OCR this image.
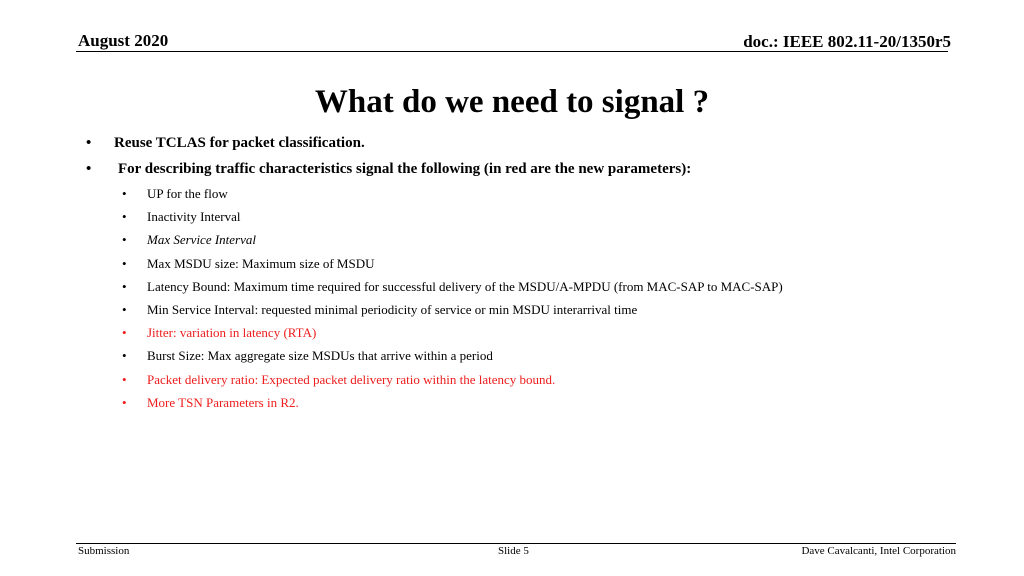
August 2020	doc.: IEEE 802.11-20/1350r5
What do we need to signal ?
• Reuse TCLAS for packet classification.
• For describing traffic characteristics signal the following (in red are the new parameters):
• UP for the flow
• Inactivity Interval
• Max Service Interval
• Max MSDU size: Maximum size of MSDU
• Latency Bound: Maximum time required for successful delivery of the MSDU/A-MPDU (from MAC-SAP to MAC-SAP)
• Min Service Interval: requested minimal periodicity of service or min MSDU interarrival time
• Jitter: variation in latency (RTA)
• Burst Size: Max aggregate size MSDUs that arrive within a period
• Packet delivery ratio: Expected packet delivery ratio within the latency bound.
• More TSN Parameters in R2.
Submission	Slide 5	Dave Cavalcanti, Intel Corporation
